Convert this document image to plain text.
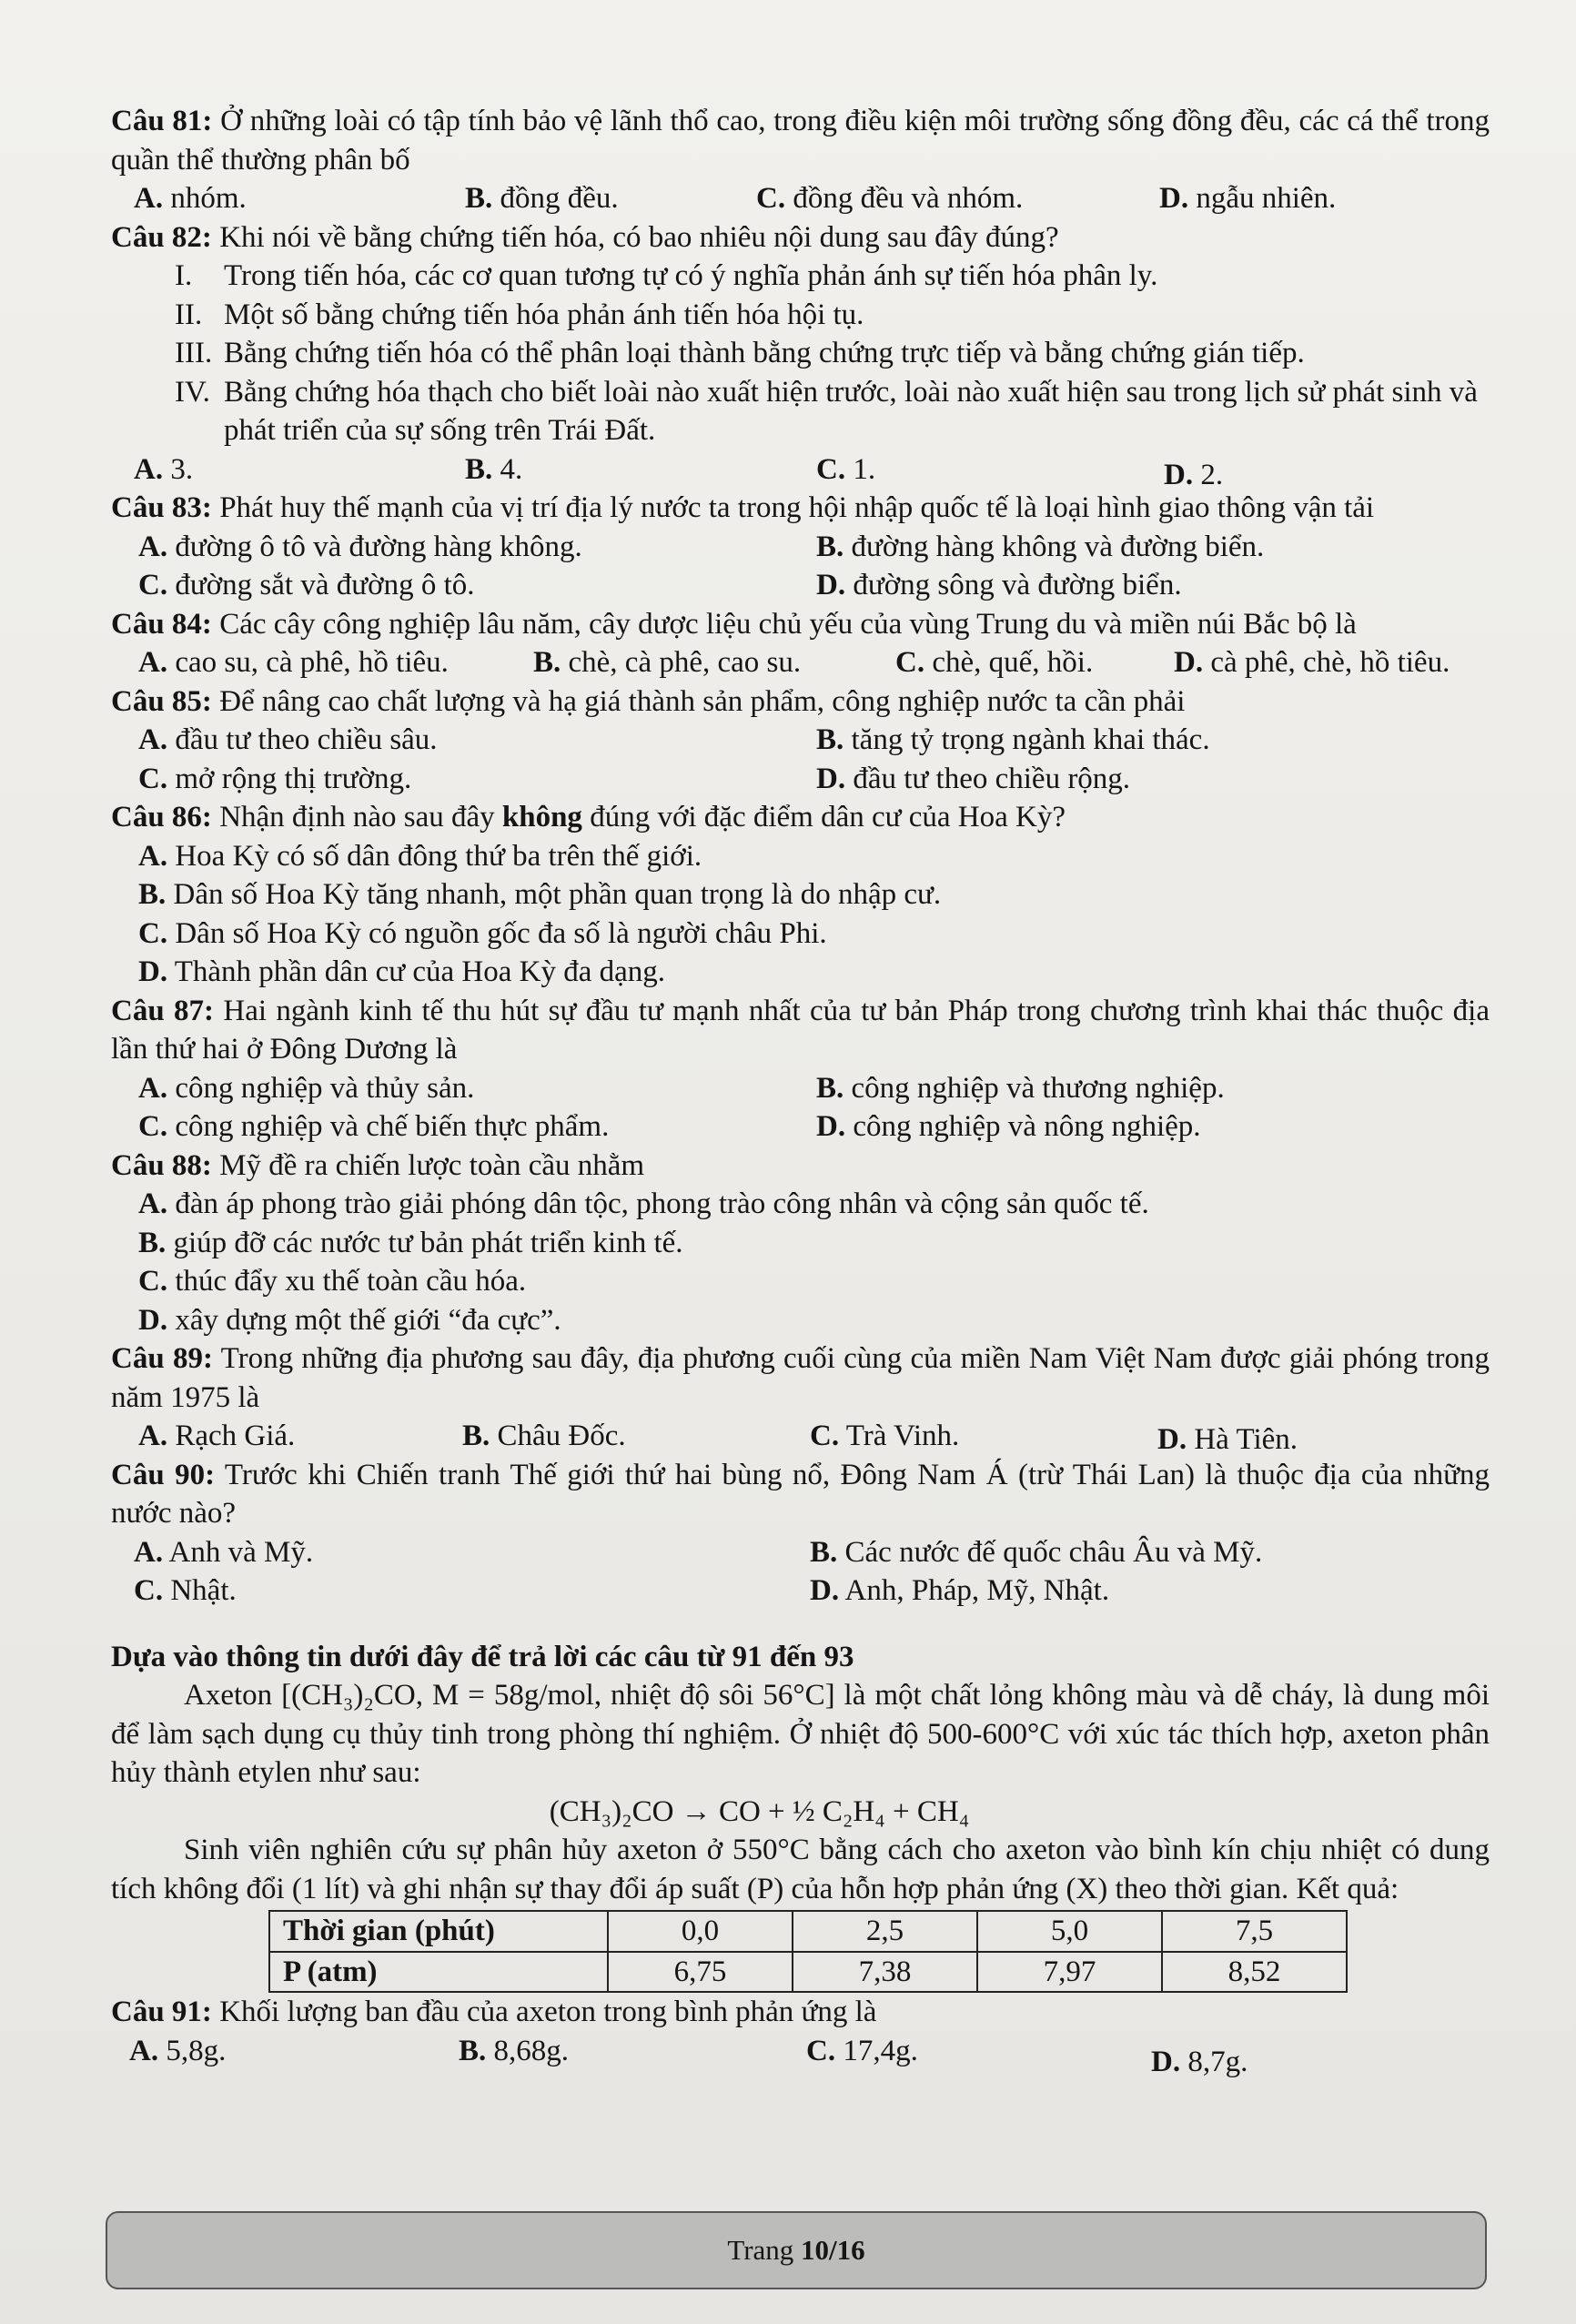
Câu 81: Ở những loài có tập tính bảo vệ lãnh thổ cao, trong điều kiện môi trường sống đồng đều, các cá thể trong quần thể thường phân bố
A. nhóm.	B. đồng đều.	C. đồng đều và nhóm.	D. ngẫu nhiên.
Câu 82: Khi nói về bằng chứng tiến hóa, có bao nhiêu nội dung sau đây đúng?
I. Trong tiến hóa, các cơ quan tương tự có ý nghĩa phản ánh sự tiến hóa phân ly.
II. Một số bằng chứng tiến hóa phản ánh tiến hóa hội tụ.
III. Bằng chứng tiến hóa có thể phân loại thành bằng chứng trực tiếp và bằng chứng gián tiếp.
IV. Bằng chứng hóa thạch cho biết loài nào xuất hiện trước, loài nào xuất hiện sau trong lịch sử phát sinh và phát triển của sự sống trên Trái Đất.
A. 3.	B. 4.	C. 1.	D. 2.
Câu 83: Phát huy thế mạnh của vị trí địa lý nước ta trong hội nhập quốc tế là loại hình giao thông vận tải
A. đường ô tô và đường hàng không.	B. đường hàng không và đường biển.
C. đường sắt và đường ô tô.	D. đường sông và đường biển.
Câu 84: Các cây công nghiệp lâu năm, cây dược liệu chủ yếu của vùng Trung du và miền núi Bắc bộ là
A. cao su, cà phê, hồ tiêu.	B. chè, cà phê, cao su.	C. chè, quế, hồi.	D. cà phê, chè, hồ tiêu.
Câu 85: Để nâng cao chất lượng và hạ giá thành sản phẩm, công nghiệp nước ta cần phải
A. đầu tư theo chiều sâu.	B. tăng tỷ trọng ngành khai thác.
C. mở rộng thị trường.	D. đầu tư theo chiều rộng.
Câu 86: Nhận định nào sau đây không đúng với đặc điểm dân cư của Hoa Kỳ?
A. Hoa Kỳ có số dân đông thứ ba trên thế giới.
B. Dân số Hoa Kỳ tăng nhanh, một phần quan trọng là do nhập cư.
C. Dân số Hoa Kỳ có nguồn gốc đa số là người châu Phi.
D. Thành phần dân cư của Hoa Kỳ đa dạng.
Câu 87: Hai ngành kinh tế thu hút sự đầu tư mạnh nhất của tư bản Pháp trong chương trình khai thác thuộc địa lần thứ hai ở Đông Dương là
A. công nghiệp và thủy sản.	B. công nghiệp và thương nghiệp.
C. công nghiệp và chế biến thực phẩm.	D. công nghiệp và nông nghiệp.
Câu 88: Mỹ đề ra chiến lược toàn cầu nhằm
A. đàn áp phong trào giải phóng dân tộc, phong trào công nhân và cộng sản quốc tế.
B. giúp đỡ các nước tư bản phát triển kinh tế.
C. thúc đẩy xu thế toàn cầu hóa.
D. xây dựng một thế giới “đa cực”.
Câu 89: Trong những địa phương sau đây, địa phương cuối cùng của miền Nam Việt Nam được giải phóng trong năm 1975 là
A. Rạch Giá.	B. Châu Đốc.	C. Trà Vinh.	D. Hà Tiên.
Câu 90: Trước khi Chiến tranh Thế giới thứ hai bùng nổ, Đông Nam Á (trừ Thái Lan) là thuộc địa của những nước nào?
A. Anh và Mỹ.	B. Các nước đế quốc châu Âu và Mỹ.
C. Nhật.	D. Anh, Pháp, Mỹ, Nhật.
Dựa vào thông tin dưới đây để trả lời các câu từ 91 đến 93
Axeton [(CH₃)₂CO, M = 58g/mol, nhiệt độ sôi 56°C] là một chất lỏng không màu và dễ cháy, là dung môi để làm sạch dụng cụ thủy tinh trong phòng thí nghiệm. Ở nhiệt độ 500-600°C với xúc tác thích hợp, axeton phân hủy thành etylen như sau:
(CH₃)₂CO → CO + ½ C₂H₄ + CH₄
Sinh viên nghiên cứu sự phân hủy axeton ở 550°C bằng cách cho axeton vào bình kín chịu nhiệt có dung tích không đổi (1 lít) và ghi nhận sự thay đổi áp suất (P) của hỗn hợp phản ứng (X) theo thời gian. Kết quả:
Thời gian (phút)	0,0	2,5	5,0	7,5
P (atm)	6,75	7,38	7,97	8,52
Câu 91: Khối lượng ban đầu của axeton trong bình phản ứng là
A. 5,8g.	B. 8,68g.	C. 17,4g.	D. 8,7g.
Trang
10/16
